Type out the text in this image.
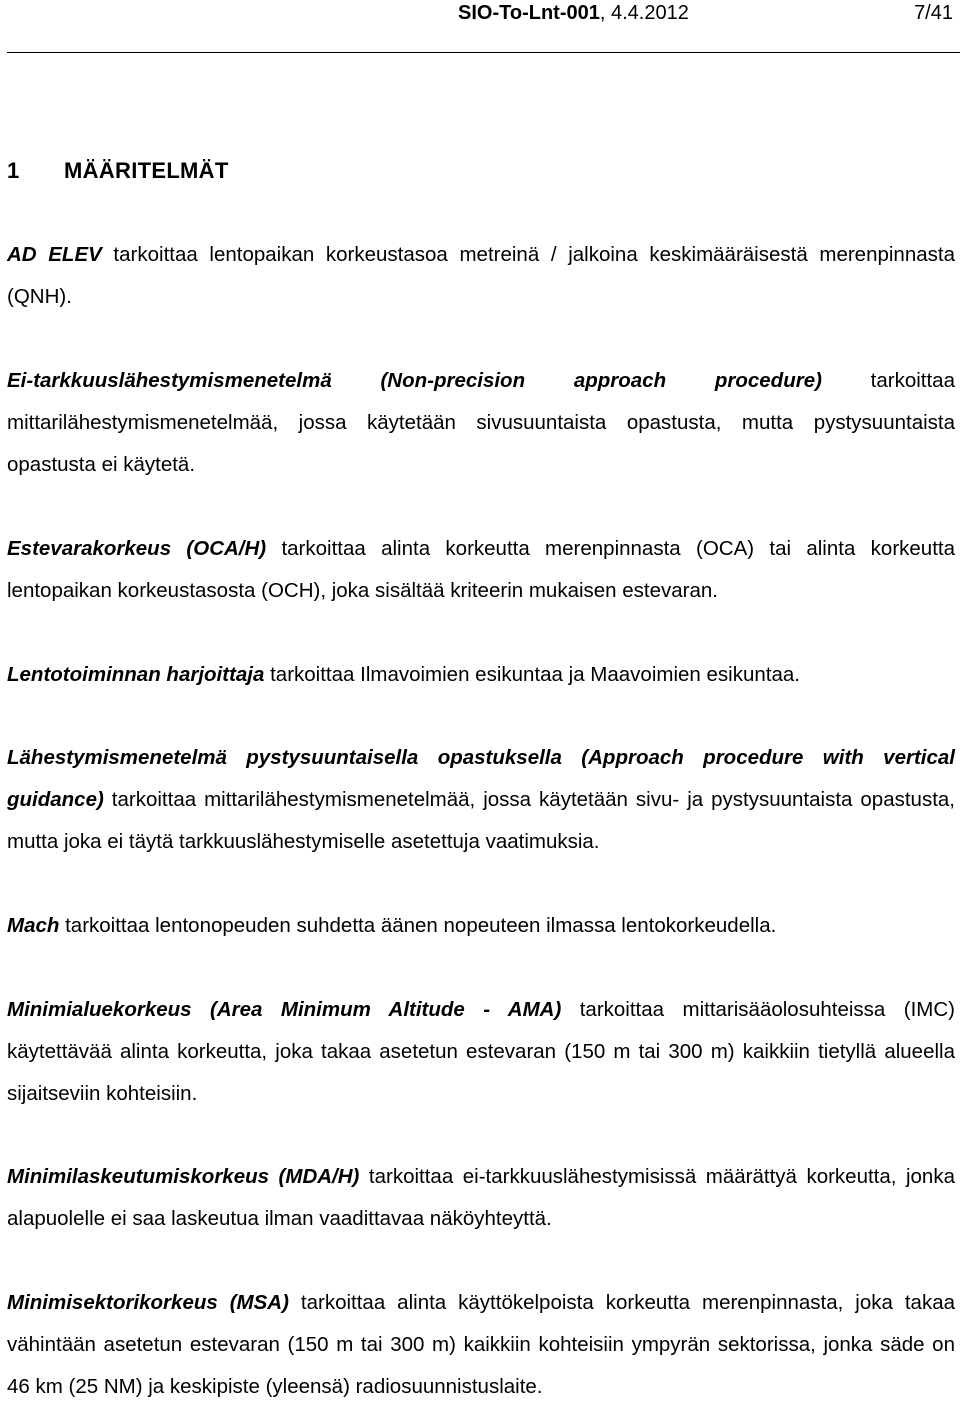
SIO-To-Lnt-001, 4.4.2012	7/41
1 MÄÄRITELMÄT

AD ELEV tarkoittaa lentopaikan korkeustasoa metreinä / jalkoina keskimääräisestä merenpinnasta (QNH).

Ei-tarkkuuslähestymismenetelmä (Non-precision approach procedure) tarkoittaa mittarilähestymismenetelmää, jossa käytetään sivusuuntaista opastusta, mutta pystysuuntaista opastusta ei käytetä.

Estevarakorkeus (OCA/H) tarkoittaa alinta korkeutta merenpinnasta (OCA) tai alinta korkeutta lentopaikan korkeustasosta (OCH), joka sisältää kriteerin mukaisen estevaran.

Lentotoiminnan harjoittaja tarkoittaa Ilmavoimien esikuntaa ja Maavoimien esikuntaa.

Lähestymismenetelmä pystysuuntaisella opastuksella (Approach procedure with vertical guidance) tarkoittaa mittarilähestymismenetelmää, jossa käytetään sivu- ja pystysuuntaista opastusta, mutta joka ei täytä tarkkuuslähestymiselle asetettuja vaatimuksia.

Mach tarkoittaa lentonopeuden suhdetta äänen nopeuteen ilmassa lentokorkeudella.

Minimialuekorkeus (Area Minimum Altitude - AMA) tarkoittaa mittarisääolosuhteissa (IMC) käytettävää alinta korkeutta, joka takaa asetetun estevaran (150 m tai 300 m) kaikkiin tietyllä alueella sijaitseviin kohteisiin.

Minimilaskeutumiskorkeus (MDA/H) tarkoittaa ei-tarkkuuslähestymisissä määrättyä korkeutta, jonka alapuolelle ei saa laskeutua ilman vaadittavaa näköyhteyttä.

Minimisektorikorkeus (MSA) tarkoittaa alinta käyttökelpoista korkeutta merenpinnasta, joka takaa vähintään asetetun estevaran (150 m tai 300 m) kaikkiin kohteisiin ympyrän sektorissa, jonka säde on 46 km (25 NM) ja keskipiste (yleensä) radiosuunnistuslaite.
